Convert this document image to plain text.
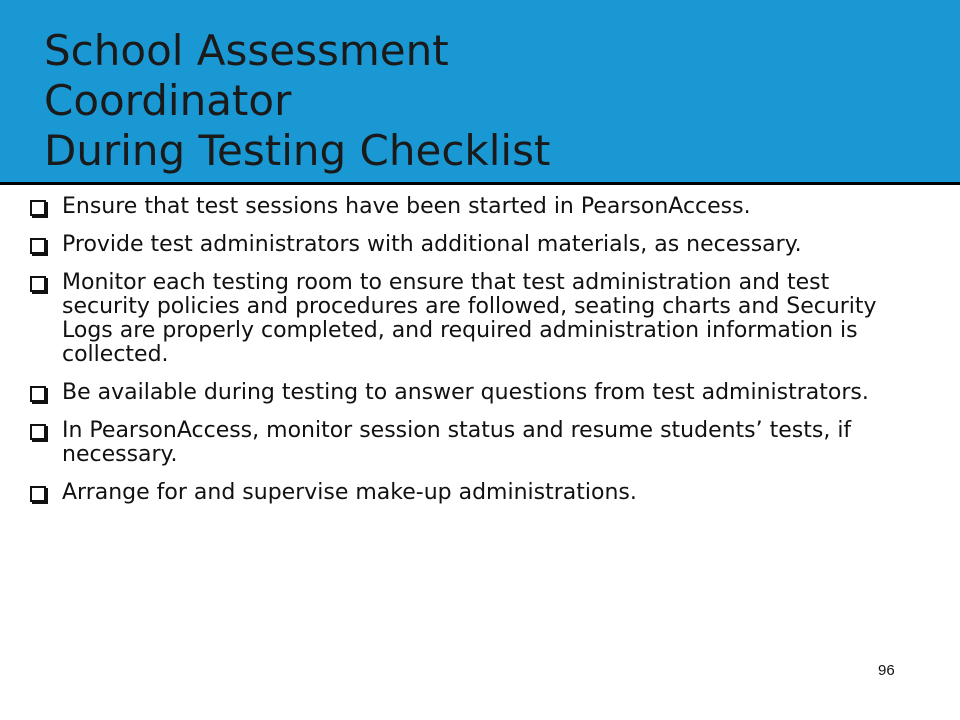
School Assessment
Coordinator
During Testing Checklist
Ensure that test sessions have been started in PearsonAccess.
Provide test administrators with additional materials, as necessary.
Monitor each testing room to ensure that test administration and test security policies and procedures are followed, seating charts and Security Logs are properly completed, and required administration information is collected.
Be available during testing to answer questions from test administrators.
In PearsonAccess, monitor session status and resume students’ tests, if necessary.
Arrange for and supervise make-up administrations.
96
